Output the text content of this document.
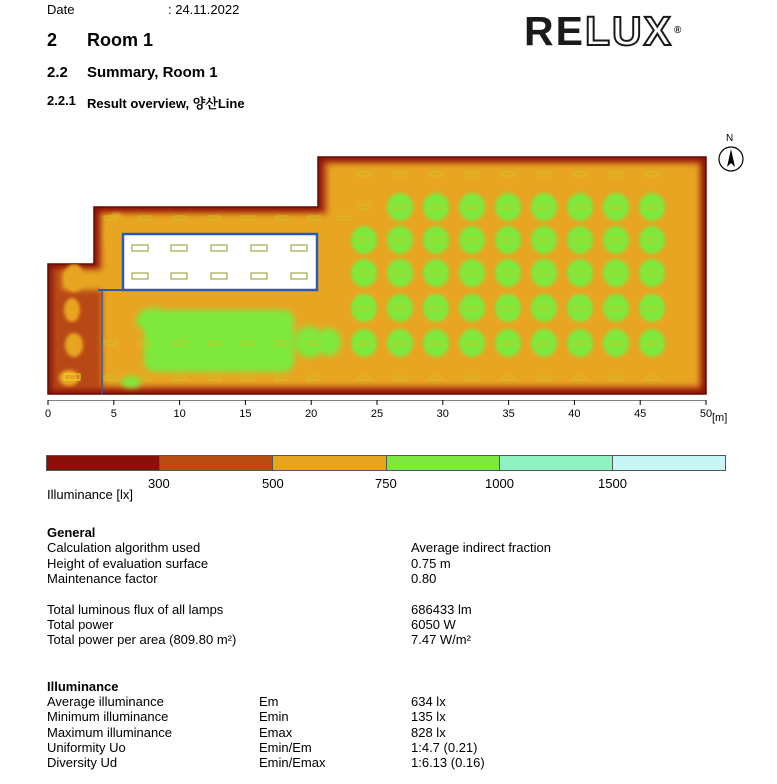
Date	: 24.11.2022	RELUX®
2 Room 1
2.2 Summary, Room 1
2.2.1 Result overview, 양산Line
N
0	5	10	15	20	25	30	35	40	45	50 [m]
300	500	750	1000	1500
Illuminance [lx]
General
Calculation algorithm used	Average indirect fraction
Height of evaluation surface	0.75 m
Maintenance factor	0.80
Total luminous flux of all lamps	686433 lm
Total power	6050 W
Total power per area (809.80 m²)	7.47 W/m²
Illuminance
Average illuminance	Em	634 lx
Minimum illuminance	Emin	135 lx
Maximum illuminance	Emax	828 lx
Uniformity Uo	Emin/Em	1:4.7 (0.21)
Diversity Ud	Emin/Emax	1:6.13 (0.16)
